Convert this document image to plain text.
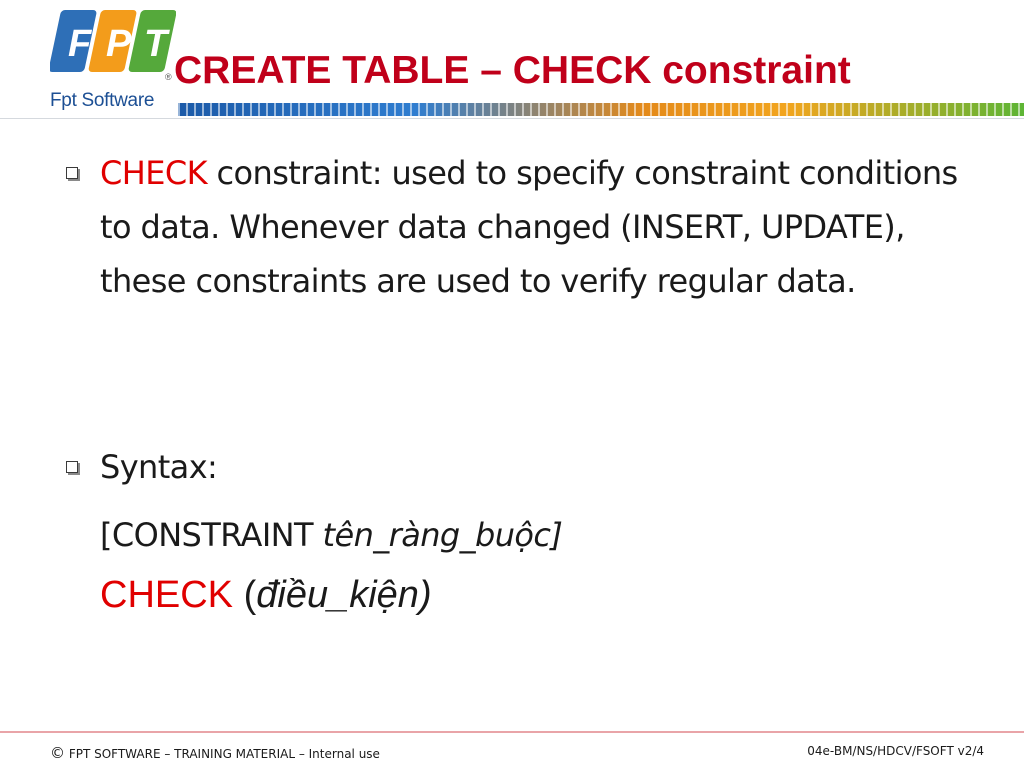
F P T
®
Fpt Software
CREATE TABLE – CHECK constraint

CHECK constraint: used to specify constraint conditions to data. Whenever data changed (INSERT, UPDATE), these constraints are used to verify regular data.

Syntax:

[CONSTRAINT tên_ràng_buộc]

CHECK (điều_kiện)

© FPT SOFTWARE – TRAINING MATERIAL – Internal use	04e-BM/NS/HDCV/FSOFT v2/4
